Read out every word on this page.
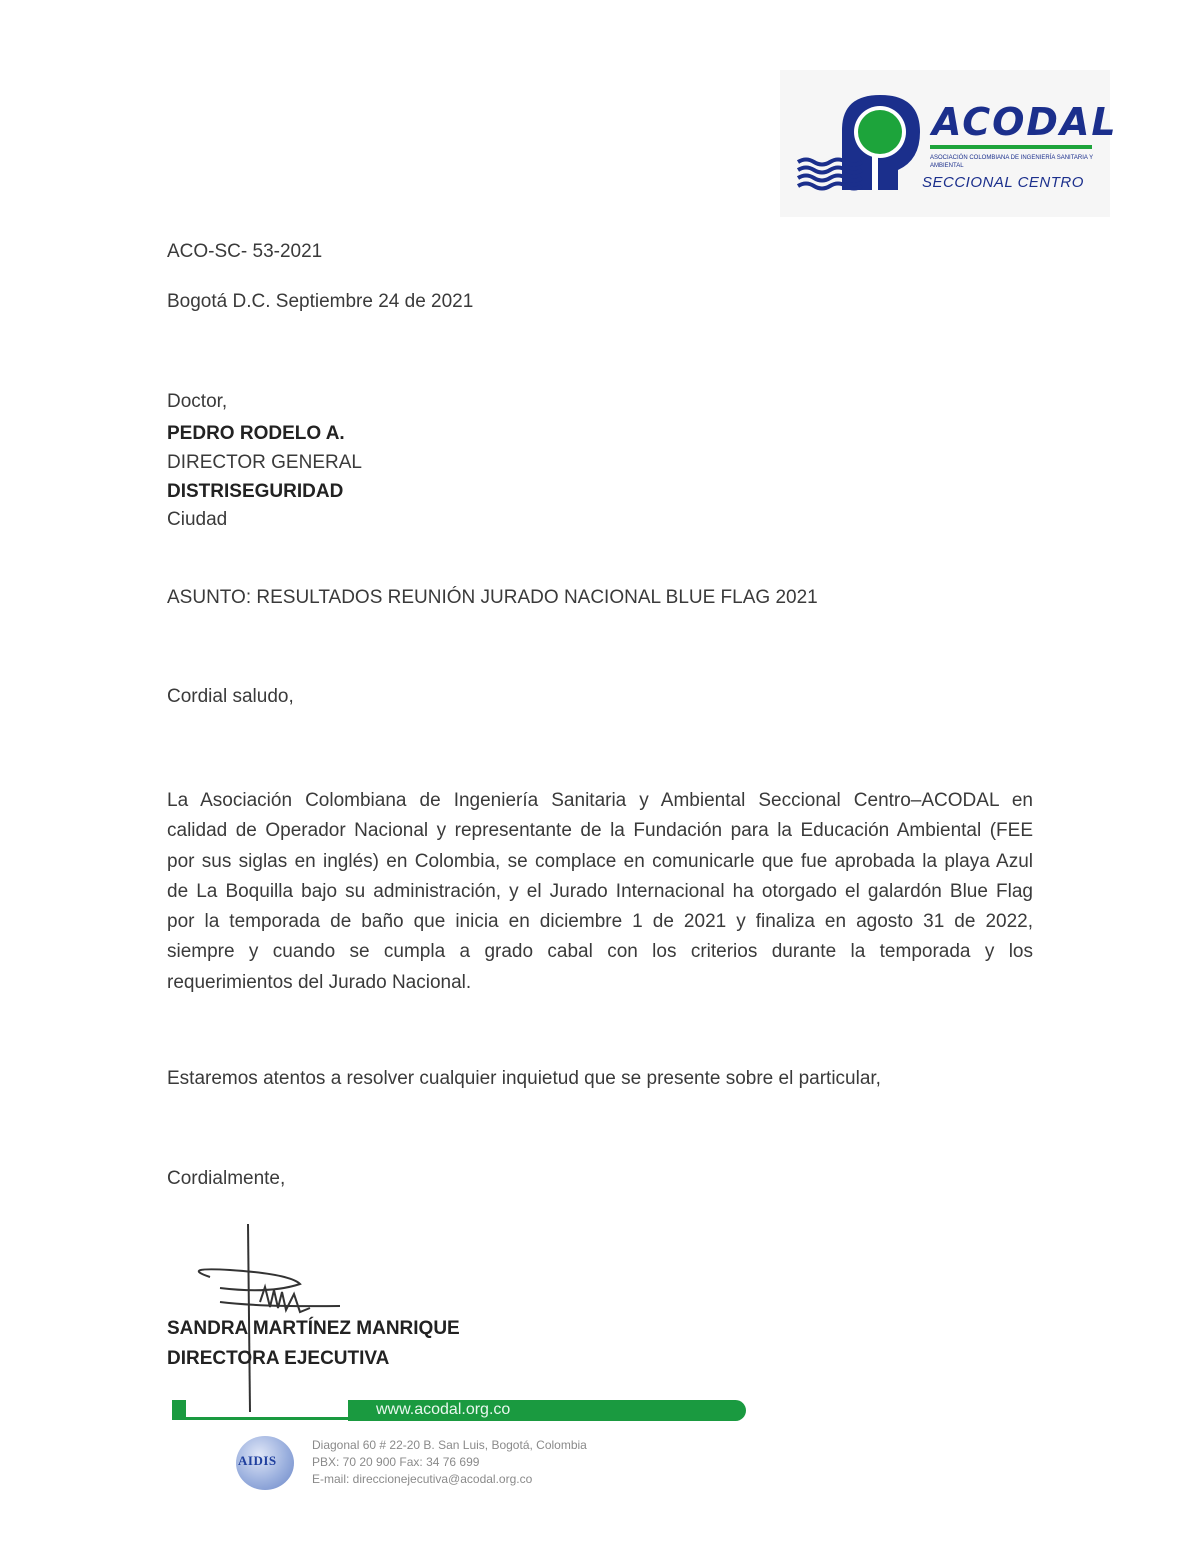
ACODAL
ASOCIACIÓN COLOMBIANA DE INGENIERÍA SANITARIA Y AMBIENTAL
SECCIONAL CENTRO
ACO-SC- 53-2021
Bogotá D.C. Septiembre 24 de 2021
Doctor,
PEDRO RODELO A.
DIRECTOR GENERAL
DISTRISEGURIDAD
Ciudad
ASUNTO: RESULTADOS REUNIÓN JURADO NACIONAL BLUE FLAG 2021
Cordial saludo,

La Asociación Colombiana de Ingeniería Sanitaria y Ambiental Seccional Centro–ACODAL en

calidad de Operador Nacional y representante de la Fundación para la Educación Ambiental (FEE

por sus siglas en inglés) en Colombia, se complace en comunicarle que fue aprobada la playa Azul

de La Boquilla bajo su administración, y el Jurado Internacional ha otorgado el galardón Blue Flag

por la temporada de baño que inicia en diciembre 1 de 2021 y finaliza en agosto 31 de 2022,

siempre y cuando se cumpla a grado cabal con los criterios durante la temporada y los

requerimientos del Jurado Nacional.

Estaremos atentos a resolver cualquier inquietud que se presente sobre el particular,
Cordialmente,
SANDRA MARTÍNEZ MANRIQUE
DIRECTORA EJECUTIVA
www.acodal.org.co
AIDIS
Diagonal 60 # 22-20 B. San Luis, Bogotá, Colombia
PBX: 70 20 900 Fax: 34 76 699
E-mail: direccionejecutiva@acodal.org.co
